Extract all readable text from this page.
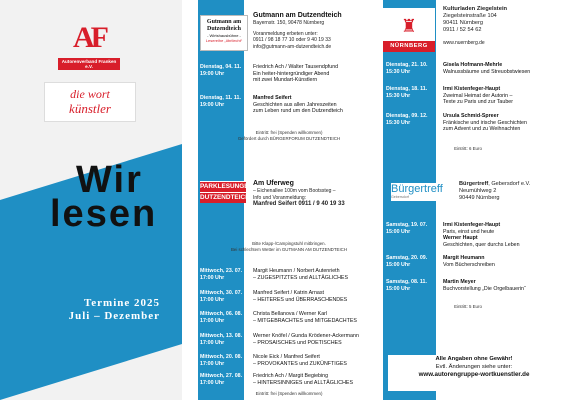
AF
Autorenverband Franken e.V.
die wort
künstler
Wir
lesen
Termine 2025
Juli – Dezember
Gutmann am Dutzendteich
- Wirtshausbühne -
Lesereihe „übrilecht“
Gutmann am Dutzendteich
Bayernstr. 150, 90478 Nürnberg
Voranmeldung erbeten unter:
0911 / 98 18 77 10 oder 9 40 19 33
info@gutmann-am-dutzendteich.de
Dienstag, 04. 11.
19:00 Uhr
Friedrich Ach / Walter Tausendpfund
Ein heiter-hintergründiger Abend
mit zwei Mundart-Künstlern
Dienstag, 11. 11.
19:00 Uhr
Manfred Seifert
Geschichten aus allen Jahreszeiten
zum Leben rund um den Dutzendteich
Eintritt: frei (Spenden willkommen)
Gefördert durch BÜRGERFORUM DUTZENDTEICH
PARKLESUNGEN
DUTZENDTEICH
Am Uferweg
– Eichenallee 100m vom Bootssteg –
Info und Voranmeldung:
Manfred Seifert 0911 / 9 40 19 33
Bitte Klapp-/Campingstuhl mitbringen.
Bei schlechtem Wetter im GUTMANN AM DUTZENDTEICH
Mittwoch, 23. 07.
17:00 Uhr
Margit Heumann / Norbert Autenrieth
– ZUGESPITZTES und ALLTÄGLICHES
Mittwoch, 30. 07.
17:00 Uhr
Manfred Seifert / Katrin Arnast
– HEITERES und ÜBERRASCHENDES
Mittwoch, 06. 08.
17:00 Uhr
Christa Bellanova / Werner Karl
– MITGEBRACHTES und MITGEDACHTES
Mittwoch, 13. 08.
17:00 Uhr
Werner Knöfel / Gunda Krödener-Ackermann
– PROSAISCHES und POETISCHES
Mittwoch, 20. 08.
17:00 Uhr
Nicole Eick / Manfred Seifert
– PROVOKANTES und ZUKÜNFTIGES
Mittwoch, 27. 08.
17:00 Uhr
Friedrich Ach / Margit Begiebing
– HINTERSINNIGES und ALLTÄGLICHES
Eintritt: frei (Spenden willkommen)
♜
NÜRNBERG
Kulturladen Ziegelstein
Ziegelsteinstraße 104
90411 Nürnberg
0911 / 52 54 62
www.nuernberg.de
Dienstag, 21. 10.
15:30 Uhr
Gisela Hofmann-Mehrle
Walnussbäume und Streuobstwiesen
Dienstag, 18. 11.
15:30 Uhr
Irmi Kistenfeger-Haupt
Zweimal Heimat der Autorin –
Texte zu Paris und zur Tauber
Dienstag, 09. 12.
15:30 Uhr
Ursula Schmid-Spreer
Fränkische und irische Geschichten
zum Advent und zu Weihnachten
Eintritt: 6 Euro
Bürgertreff
Gebersdorf
Bürgertreff, Gebersdorf e.V.
Neumühlweg 2
90449 Nürnberg
Samstag, 19. 07.
15:00 Uhr
Irmi Kistenfeger-Haupt
Paris, einst und heute
Werner Haupt
Geschichten, quer durchs Leben
Samstag, 20. 09.
15:00 Uhr
Margit Heumann
Vom Bücherschreiben
Samstag, 08. 11.
15:00 Uhr
Martin Meyer
Buchvorstellung „Die Orgelbauerin“
Eintritt: 5 Euro
Alle Angaben ohne Gewähr!
Evtl. Änderungen siehe unter:
www.autorengruppe-wortkuenstler.de
